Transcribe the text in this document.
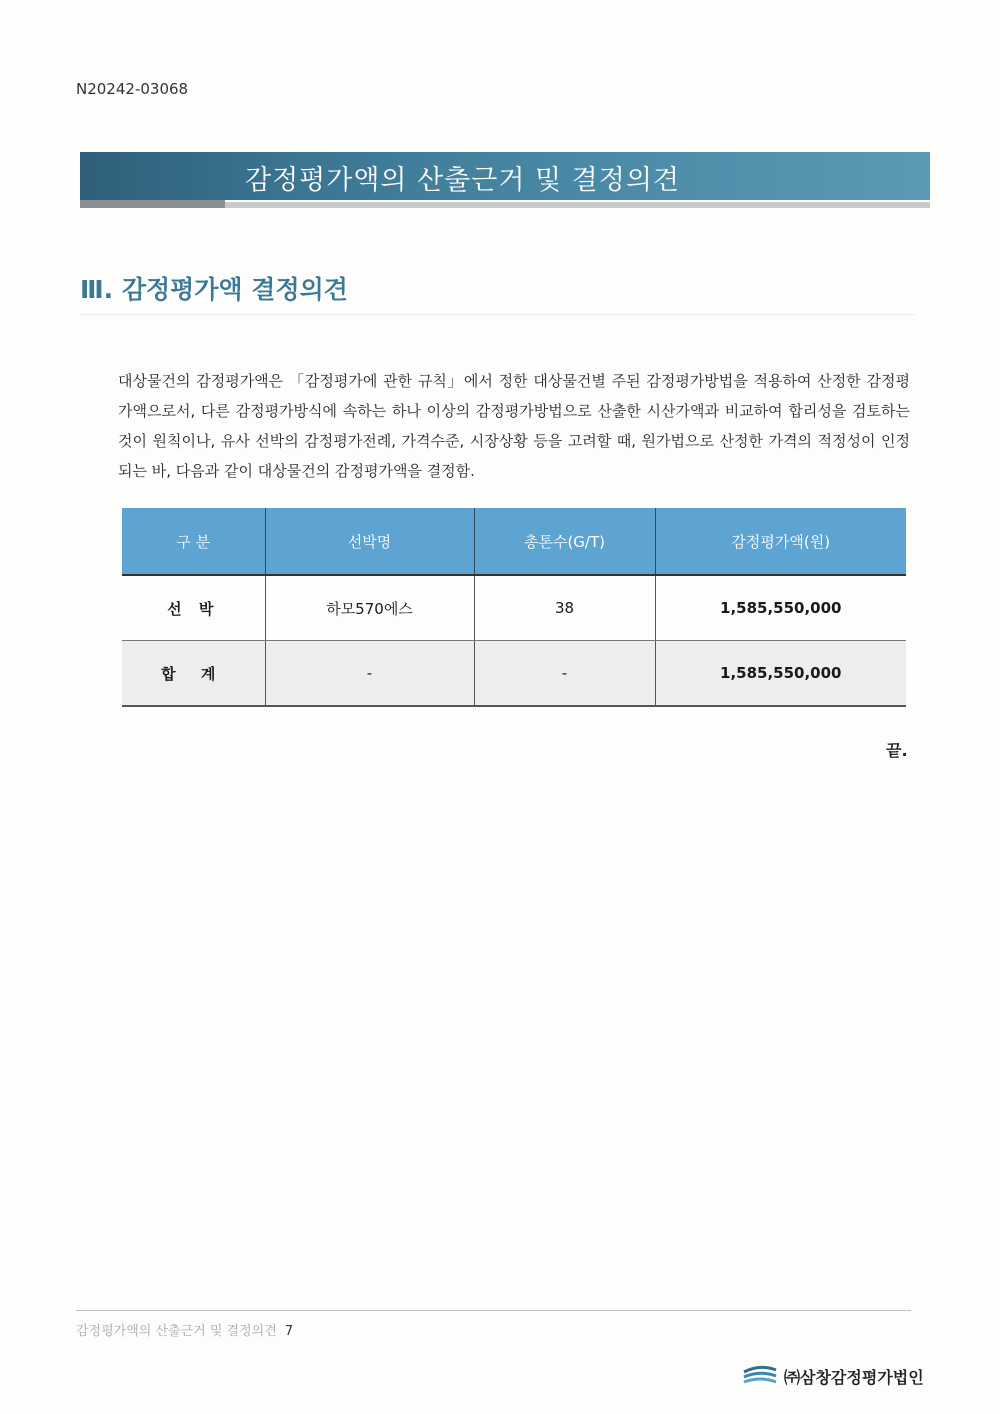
N20242-03068
감정평가액의 산출근거 및 결정의견
Ⅲ. 감정평가액 결정의견
대상물건의 감정평가액은 「감정평가에 관한 규칙」에서 정한 대상물건별 주된 감정평가방법을 적용하여 산정한 감정평가액으로서, 다른 감정평가방식에 속하는 하나 이상의 감정평가방법으로 산출한 시산가액과 비교하여 합리성을 검토하는 것이 원칙이나, 유사 선박의 감정평가전례, 가격수준, 시장상황 등을 고려할 때, 원가법으로 산정한 가격의 적정성이 인정되는 바, 다음과 같이 대상물건의 감정평가액을 결정함.
구 분	선박명	총톤수(G/T)	감정평가액(원)
선 박	하모570에스	38	1,585,550,000
합 계	-	-	1,585,550,000
끝.
감정평가액의 산출근거 및 결정의견 7
㈜삼창감정평가법인
